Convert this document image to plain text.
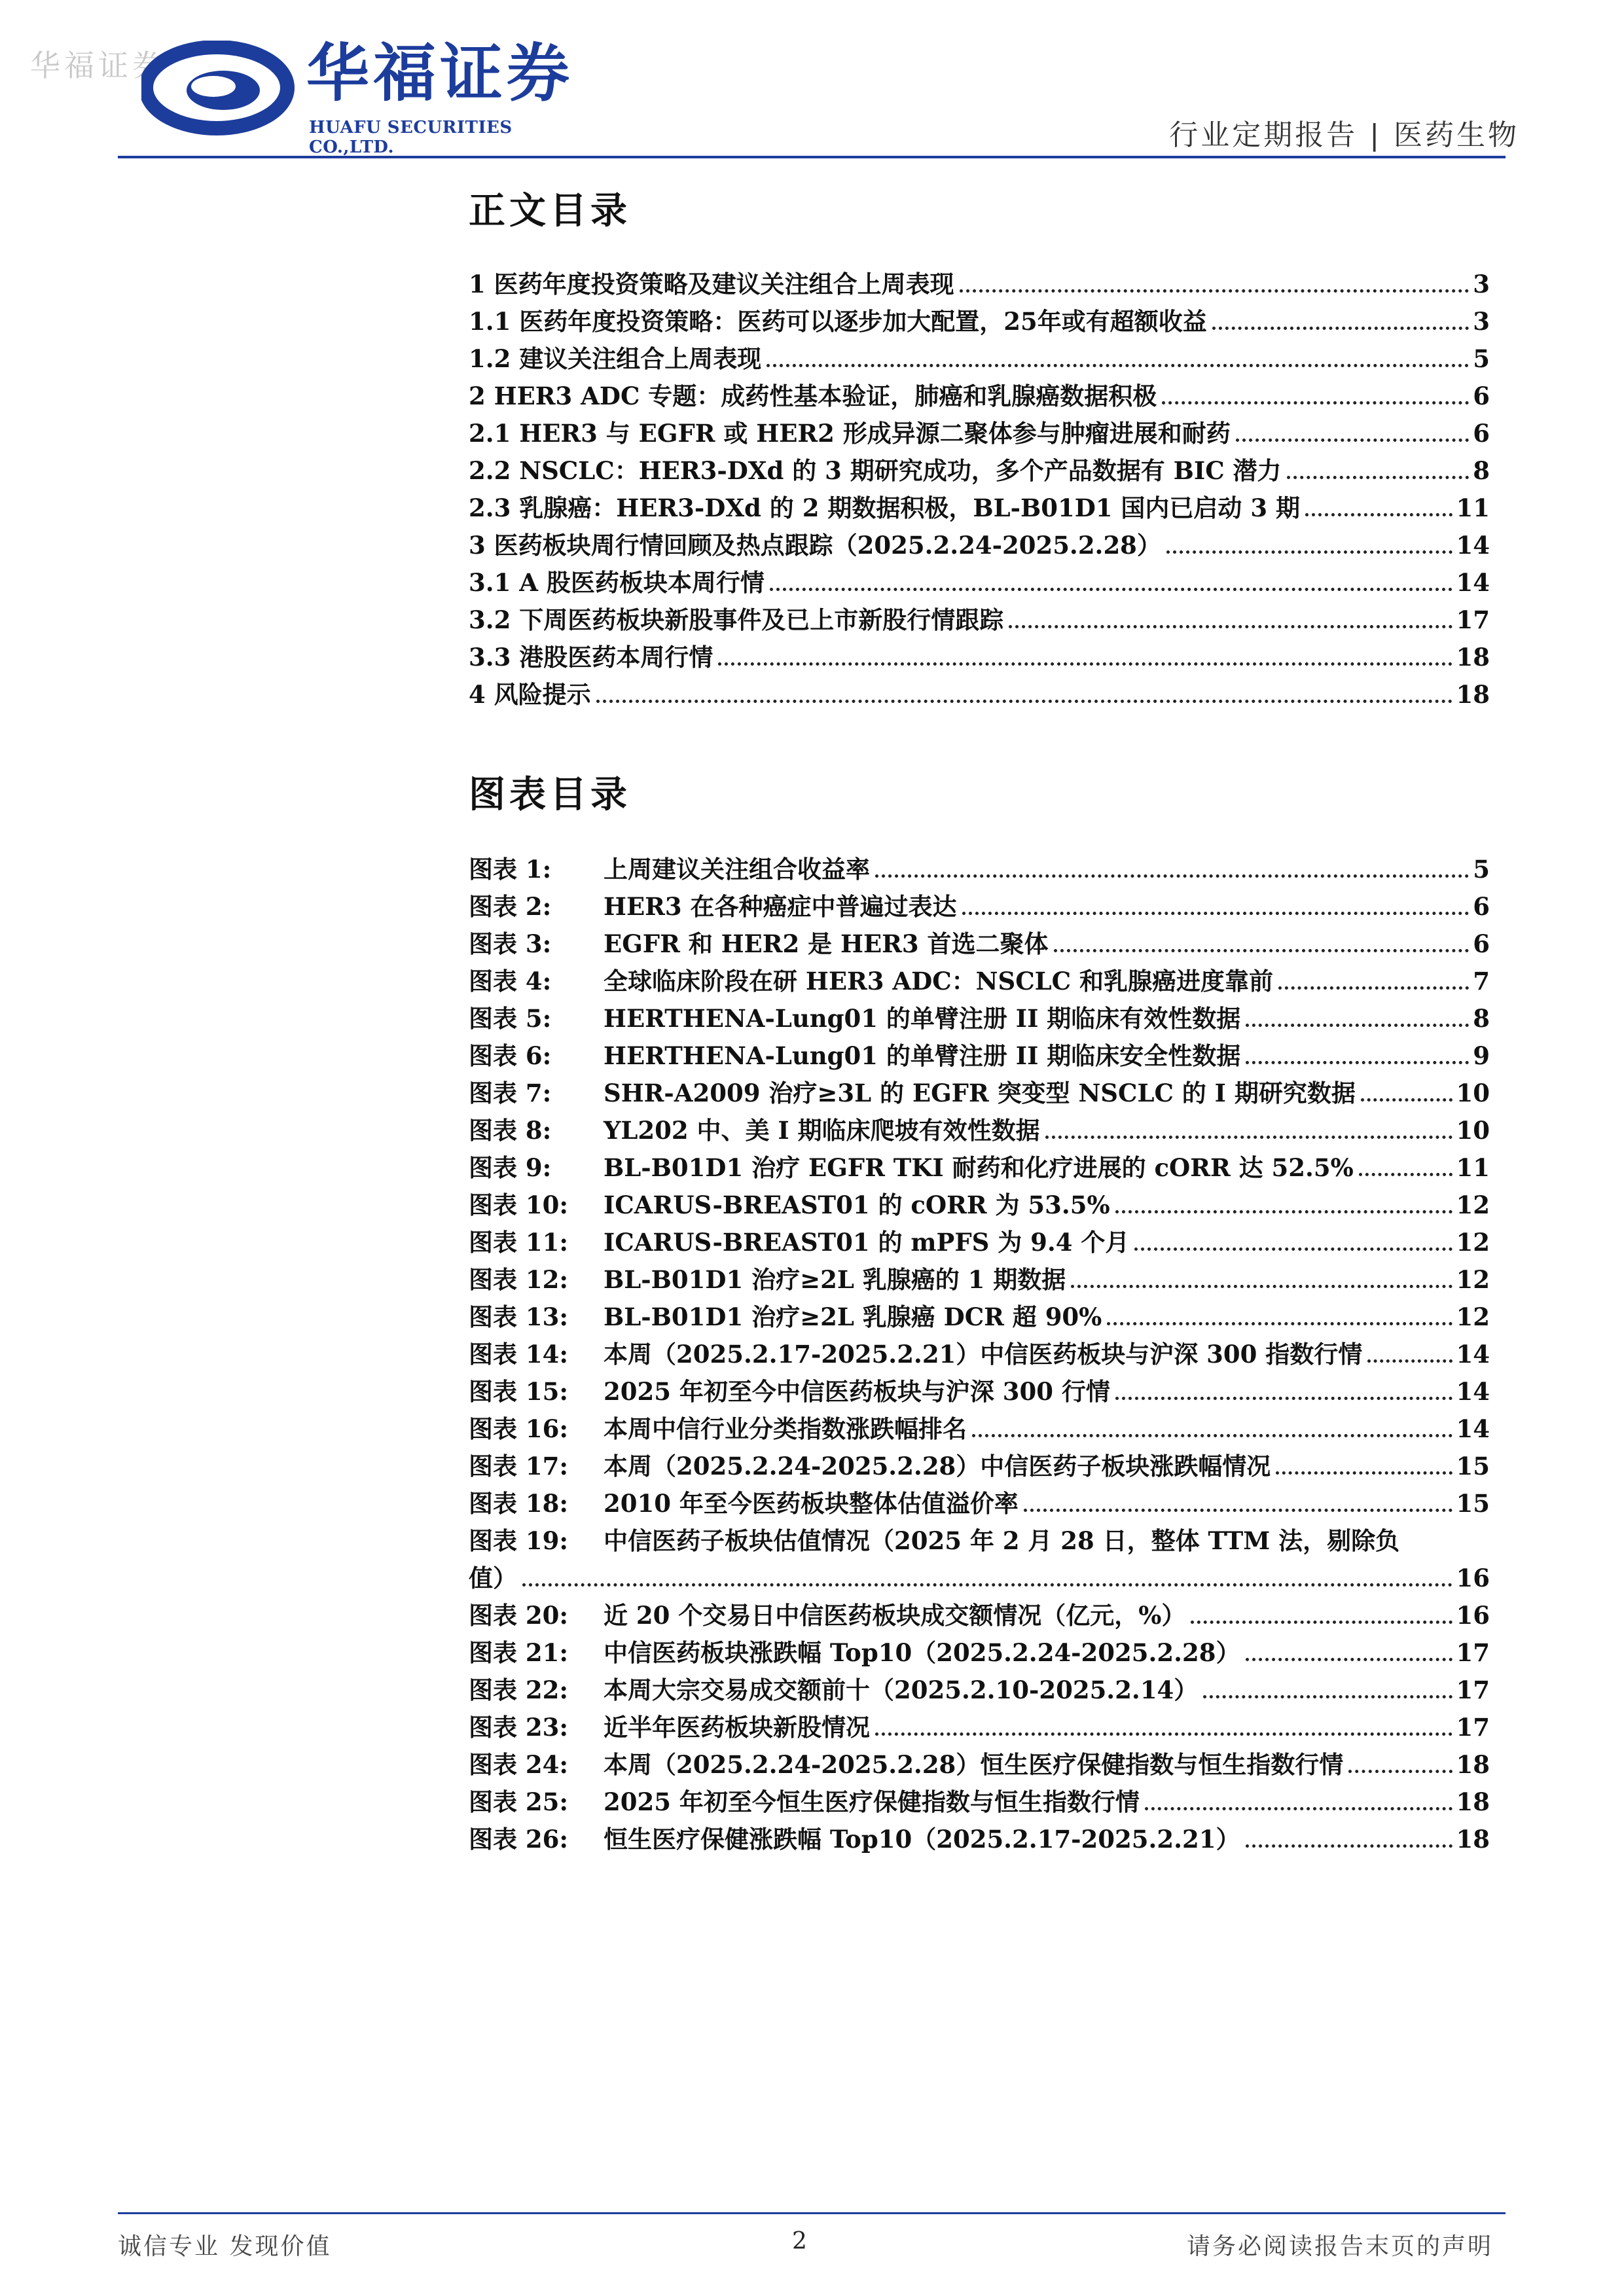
华福证券 华福证券
HUAFU SECURITIES CO.,LTD.	行业定期报告 | 医药生物
正文目录
1 医药年度投资策略及建议关注组合上周表现	3
1.1 医药年度投资策略：医药可以逐步加大配置，25年或有超额收益	3
1.2 建议关注组合上周表现	5
2 HER3 ADC 专题：成药性基本验证，肺癌和乳腺癌数据积极	6
2.1 HER3 与 EGFR 或 HER2 形成异源二聚体参与肿瘤进展和耐药	6
2.2 NSCLC：HER3-DXd 的 3 期研究成功，多个产品数据有 BIC 潜力	8
2.3 乳腺癌：HER3-DXd 的 2 期数据积极，BL-B01D1 国内已启动 3 期	11
3 医药板块周行情回顾及热点跟踪（2025.2.24-2025.2.28）	14
3.1 A 股医药板块本周行情	14
3.2 下周医药板块新股事件及已上市新股行情跟踪	17
3.3 港股医药本周行情	18
4 风险提示	18
图表目录
图表 1:	上周建议关注组合收益率	5
图表 2:	HER3 在各种癌症中普遍过表达	6
图表 3:	EGFR 和 HER2 是 HER3 首选二聚体	6
图表 4:	全球临床阶段在研 HER3 ADC：NSCLC 和乳腺癌进度靠前	7
图表 5:	HERTHENA-Lung01 的单臂注册 II 期临床有效性数据	8
图表 6:	HERTHENA-Lung01 的单臂注册 II 期临床安全性数据	9
图表 7:	SHR-A2009 治疗≥3L 的 EGFR 突变型 NSCLC 的 I 期研究数据	10
图表 8:	YL202 中、美 I 期临床爬坡有效性数据	10
图表 9:	BL-B01D1 治疗 EGFR TKI 耐药和化疗进展的 cORR 达 52.5%	11
图表 10:	ICARUS-BREAST01 的 cORR 为 53.5%	12
图表 11:	ICARUS-BREAST01 的 mPFS 为 9.4 个月	12
图表 12:	BL-B01D1 治疗≥2L 乳腺癌的 1 期数据	12
图表 13:	BL-B01D1 治疗≥2L 乳腺癌 DCR 超 90%	12
图表 14:	本周（2025.2.17-2025.2.21）中信医药板块与沪深 300 指数行情	14
图表 15:	2025 年初至今中信医药板块与沪深 300 行情	14
图表 16:	本周中信行业分类指数涨跌幅排名	14
图表 17:	本周（2025.2.24-2025.2.28）中信医药子板块涨跌幅情况	15
图表 18:	2010 年至今医药板块整体估值溢价率	15
图表 19:	中信医药子板块估值情况（2025 年 2 月 28 日，整体 TTM 法，剔除负
值）	16
图表 20:	近 20 个交易日中信医药板块成交额情况（亿元，%）	16
图表 21:	中信医药板块涨跌幅 Top10（2025.2.24-2025.2.28）	17
图表 22:	本周大宗交易成交额前十（2025.2.10-2025.2.14）	17
图表 23:	近半年医药板块新股情况	17
图表 24:	本周（2025.2.24-2025.2.28）恒生医疗保健指数与恒生指数行情	18
图表 25:	2025 年初至今恒生医疗保健指数与恒生指数行情	18
图表 26:	恒生医疗保健涨跌幅 Top10（2025.2.17-2025.2.21）	18
诚信专业 发现价值	2	请务必阅读报告末页的声明
